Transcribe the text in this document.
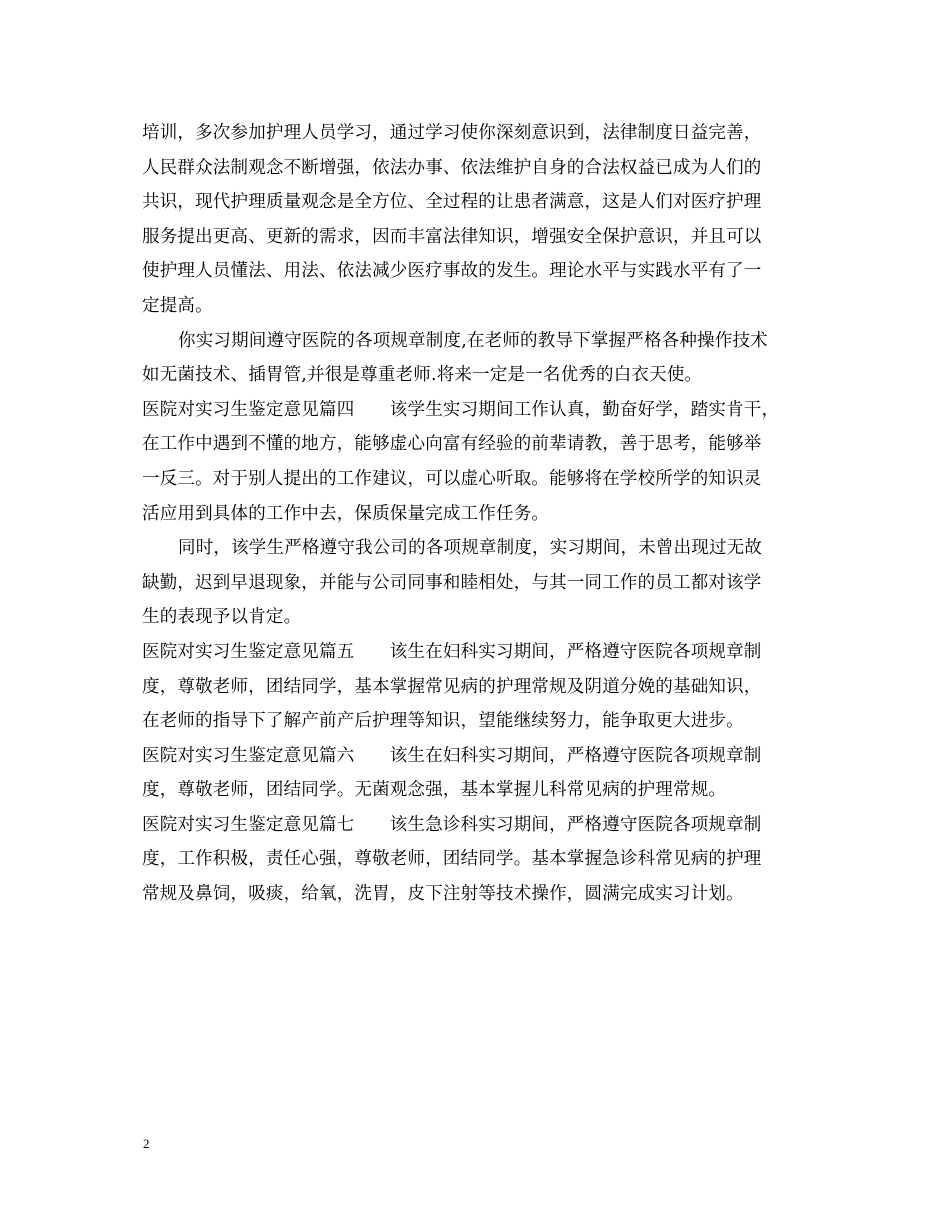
培训，多次参加护理人员学习，通过学习使你深刻意识到，法律制度日益完善，
人民群众法制观念不断增强，依法办事、依法维护自身的合法权益已成为人们的
共识，现代护理质量观念是全方位、全过程的让患者满意，这是人们对医疗护理
服务提出更高、更新的需求，因而丰富法律知识，增强安全保护意识，并且可以
使护理人员懂法、用法、依法减少医疗事故的发生。理论水平与实践水平有了一
定提高。
你实习期间遵守医院的各项规章制度,在老师的教导下掌握严格各种操作技术
如无菌技术、插胃管,并很是尊重老师.将来一定是一名优秀的白衣天使。
医院对实习生鉴定意见篇四　　该学生实习期间工作认真，勤奋好学，踏实肯干，
在工作中遇到不懂的地方，能够虚心向富有经验的前辈请教，善于思考，能够举
一反三。对于别人提出的工作建议，可以虚心听取。能够将在学校所学的知识灵
活应用到具体的工作中去，保质保量完成工作任务。
同时，该学生严格遵守我公司的各项规章制度，实习期间，未曾出现过无故
缺勤，迟到早退现象，并能与公司同事和睦相处，与其一同工作的员工都对该学
生的表现予以肯定。
医院对实习生鉴定意见篇五　　该生在妇科实习期间，严格遵守医院各项规章制
度，尊敬老师，团结同学，基本掌握常见病的护理常规及阴道分娩的基础知识，
在老师的指导下了解产前产后护理等知识，望能继续努力，能争取更大进步。
医院对实习生鉴定意见篇六　　该生在妇科实习期间，严格遵守医院各项规章制
度，尊敬老师，团结同学。无菌观念强，基本掌握儿科常见病的护理常规。
医院对实习生鉴定意见篇七　　该生急诊科实习期间，严格遵守医院各项规章制
度，工作积极，责任心强，尊敬老师，团结同学。基本掌握急诊科常见病的护理
常规及鼻饲，吸痰，给氧，洗胃，皮下注射等技术操作，圆满完成实习计划。
2
